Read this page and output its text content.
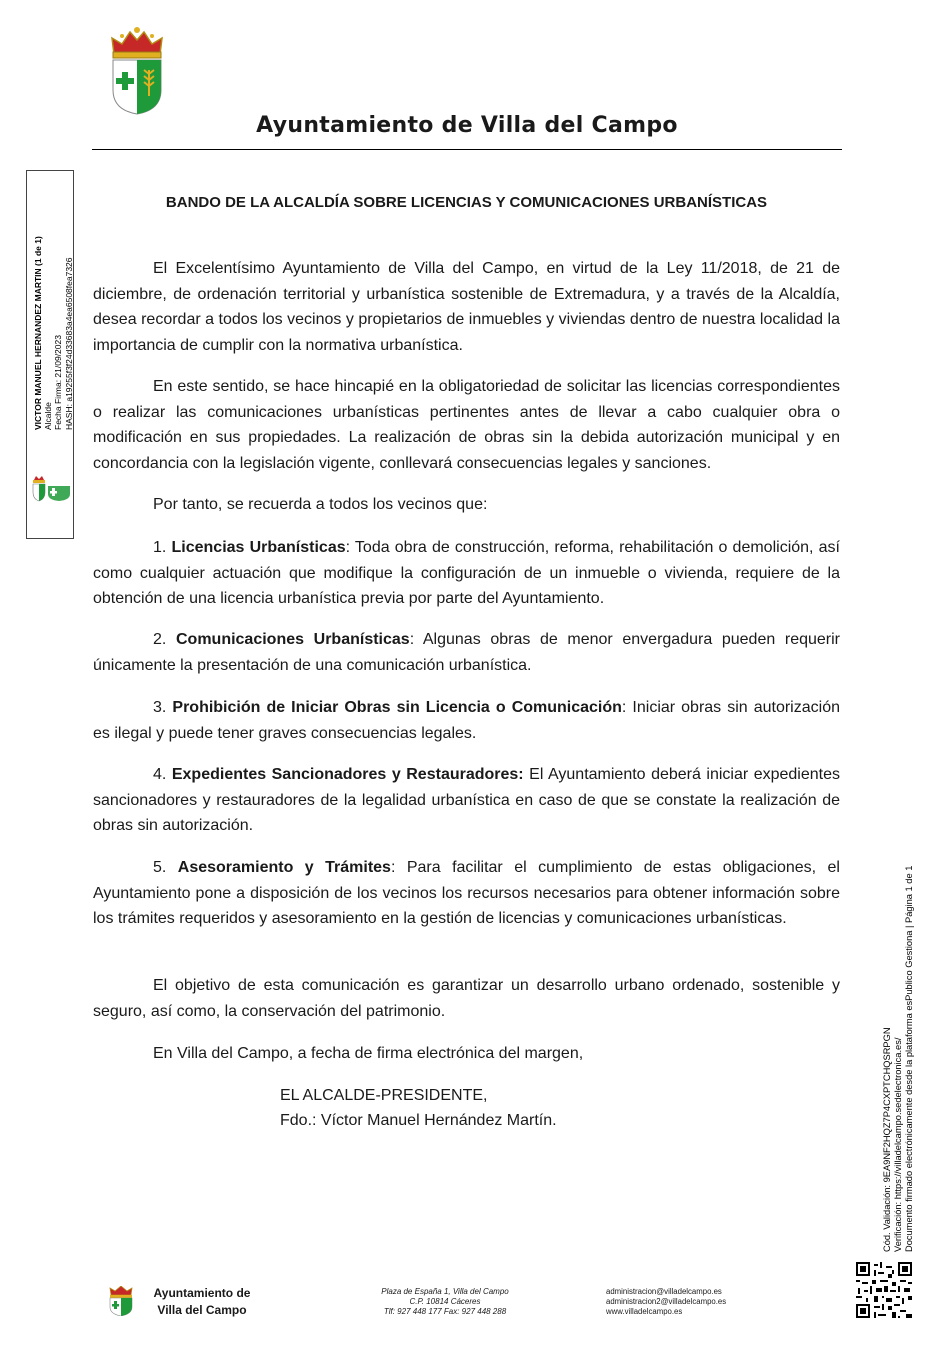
Ayuntamiento de Villa del Campo
VICTOR MANUEL HERNANDEZ MARTIN (1 de 1) Alcalde Fecha Firma: 21/09/2023 HASH: a19255f3f24d33683a4ea6508fea7326
BANDO DE LA ALCALDÍA SOBRE LICENCIAS Y COMUNICACIONES URBANÍSTICAS

El Excelentísimo Ayuntamiento de Villa del Campo, en virtud de la Ley 11/2018, de 21 de diciembre, de ordenación territorial y urbanística sostenible de Extremadura, y a través de la Alcaldía, desea recordar a todos los vecinos y propietarios de inmuebles y viviendas dentro de nuestra localidad la importancia de cumplir con la normativa urbanística.

En este sentido, se hace hincapié en la obligatoriedad de solicitar las licencias correspondientes o realizar las comunicaciones urbanísticas pertinentes antes de llevar a cabo cualquier obra o modificación en sus propiedades. La realización de obras sin la debida autorización municipal y en concordancia con la legislación vigente, conllevará consecuencias legales y sanciones.

Por tanto, se recuerda a todos los vecinos que:

1. Licencias Urbanísticas: Toda obra de construcción, reforma, rehabilitación o demolición, así como cualquier actuación que modifique la configuración de un inmueble o vivienda, requiere de la obtención de una licencia urbanística previa por parte del Ayuntamiento.

2. Comunicaciones Urbanísticas: Algunas obras de menor envergadura pueden requerir únicamente la presentación de una comunicación urbanística.

3. Prohibición de Iniciar Obras sin Licencia o Comunicación: Iniciar obras sin autorización es ilegal y puede tener graves consecuencias legales.

4. Expedientes Sancionadores y Restauradores: El Ayuntamiento deberá iniciar expedientes sancionadores y restauradores de la legalidad urbanística en caso de que se constate la realización de obras sin autorización.

5. Asesoramiento y Trámites: Para facilitar el cumplimiento de estas obligaciones, el Ayuntamiento pone a disposición de los vecinos los recursos necesarios para obtener información sobre los trámites requeridos y asesoramiento en la gestión de licencias y comunicaciones urbanísticas.

El objetivo de esta comunicación es garantizar un desarrollo urbano ordenado, sostenible y seguro, así como, la conservación del patrimonio.

En Villa del Campo, a fecha de firma electrónica del margen,

EL ALCALDE-PRESIDENTE,

Fdo.: Víctor Manuel Hernández Martín.	Cód. Validación: 9EA9NF2HQZ7P4CXPTCHQSRPGN Verificación: https://villadelcampo.sedelectronica.es/ Documento firmado electrónicamente desde la plataforma esPublico Gestiona | Página 1 de 1
Ayuntamiento de
Villa del Campo
Plaza de España 1, Villa del Campo
C.P. 10814 Cáceres
Tlf: 927 448 177 Fax: 927 448 288
administracion@villadelcampo.es
administracion2@villadelcampo.es
www.villadelcampo.es
